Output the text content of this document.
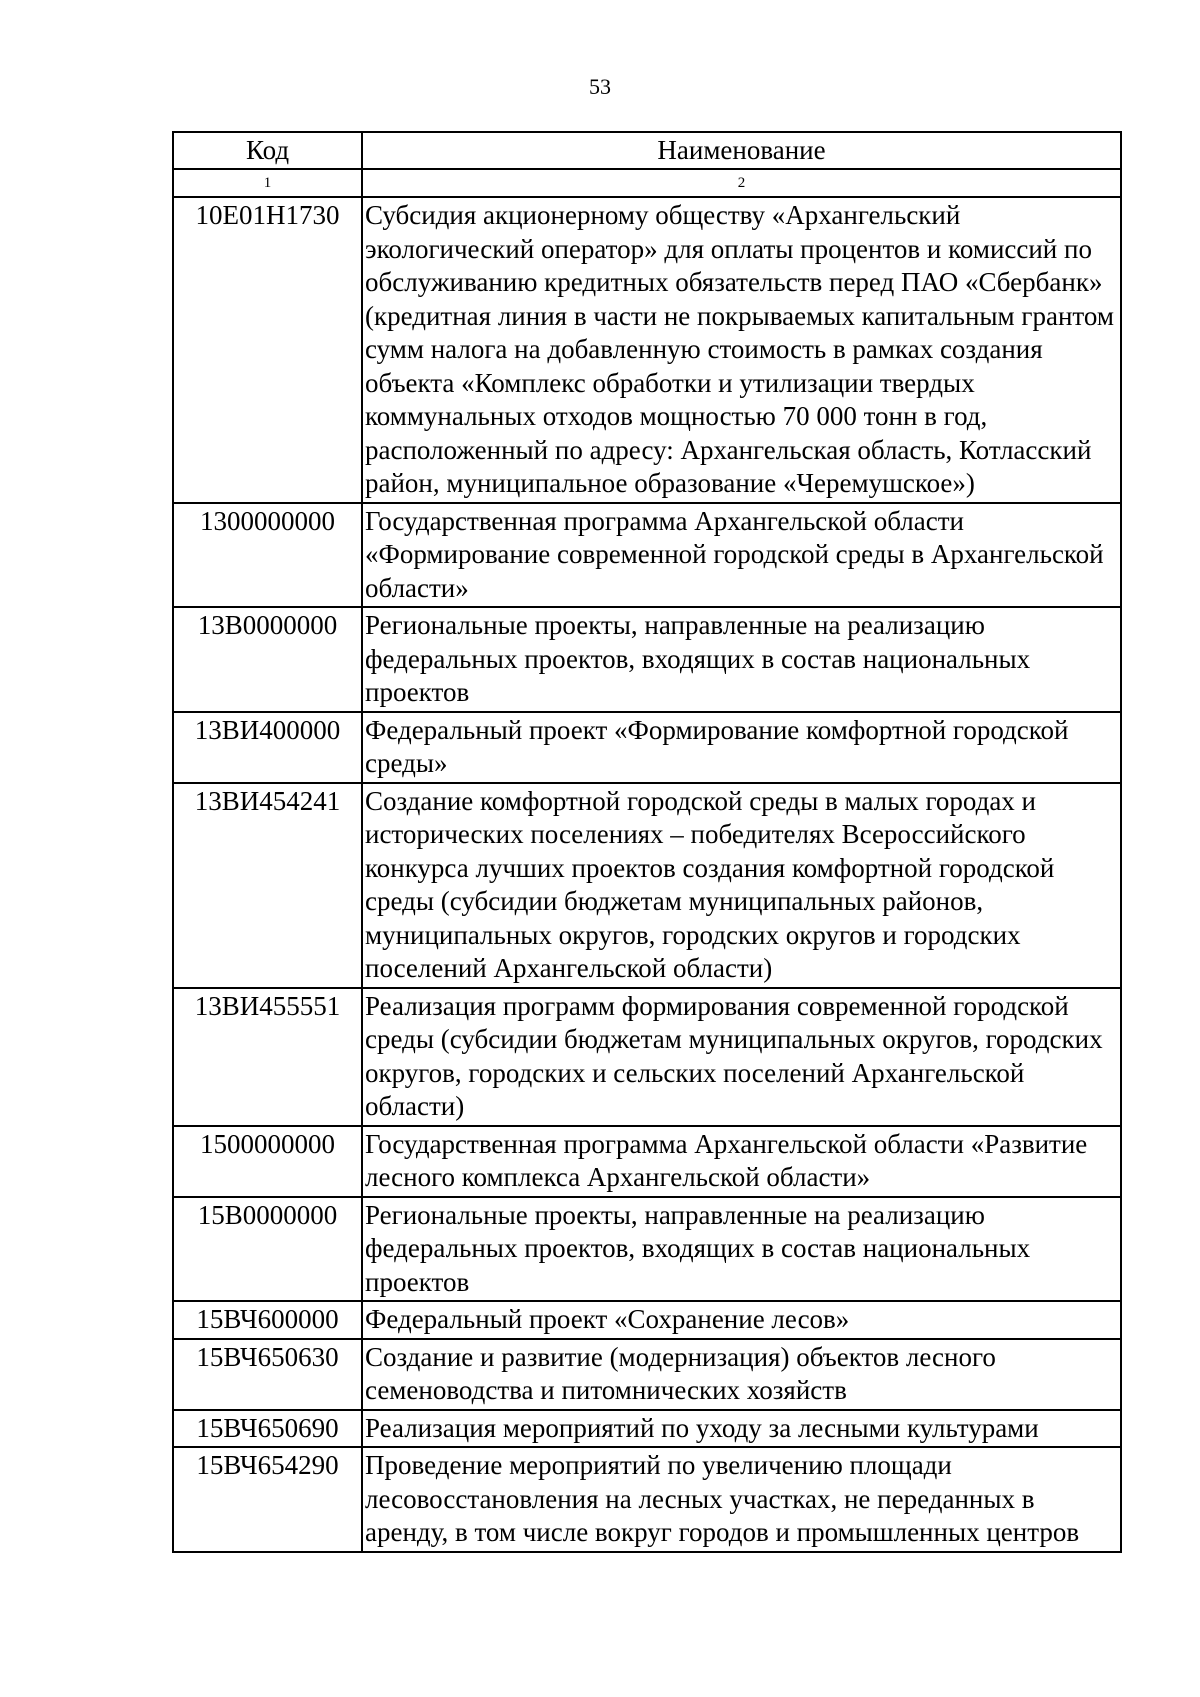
53
Код	Наименование
1	2
10Е01Н1730	Субсидия акционерному обществу «Архангельский экологический оператор» для оплаты процентов и комиссий по обслуживанию кредитных обязательств перед ПАО «Сбербанк» (кредитная линия в части не покрываемых капитальным грантом сумм налога на добавленную стоимость в рамках создания объекта «Комплекс обработки и утилизации твердых коммунальных отходов мощностью 70 000 тонн в год, расположенный по адресу: Архангельская область, Котласский район, муниципальное образование «Черемушское»)
1300000000	Государственная программа Архангельской области «Формирование современной городской среды в Архангельской области»
13В0000000	Региональные проекты, направленные на реализацию федеральных проектов, входящих в состав национальных проектов
13ВИ400000	Федеральный проект «Формирование комфортной городской среды»
13ВИ454241	Создание комфортной городской среды в малых городах и исторических поселениях – победителях Всероссийского конкурса лучших проектов создания комфортной городской среды (субсидии бюджетам муниципальных районов, муниципальных округов, городских округов и городских поселений Архангельской области)
13ВИ455551	Реализация программ формирования современной городской среды (субсидии бюджетам муниципальных округов, городских округов, городских и сельских поселений Архангельской области)
1500000000	Государственная программа Архангельской области «Развитие лесного комплекса Архангельской области»
15В0000000	Региональные проекты, направленные на реализацию федеральных проектов, входящих в состав национальных проектов
15ВЧ600000	Федеральный проект «Сохранение лесов»
15ВЧ650630	Создание и развитие (модернизация) объектов лесного семеноводства и питомнических хозяйств
15ВЧ650690	Реализация мероприятий по уходу за лесными культурами
15ВЧ654290	Проведение мероприятий по увеличению площади лесовосстановления на лесных участках, не переданных в аренду, в том числе вокруг городов и промышленных центров
